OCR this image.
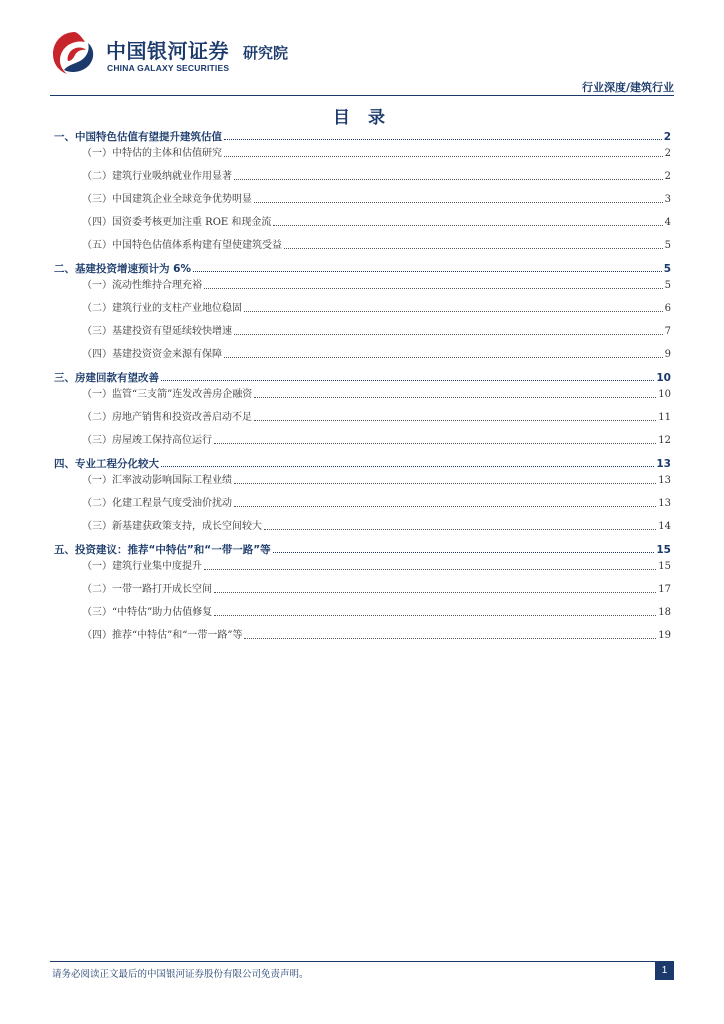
中国银河证券 研究院
CHINA GALAXY SECURITIES
行业深度/建筑行业
目 录
一、中国特色估值有望提升建筑估值	2
（一）中特估的主体和估值研究	2
（二）建筑行业吸纳就业作用显著	2
（三）中国建筑企业全球竞争优势明显	3
（四）国资委考核更加注重 ROE 和现金流	4
（五）中国特色估值体系构建有望使建筑受益	5
二、基建投资增速预计为 6%	5
（一）流动性维持合理充裕	5
（二）建筑行业的支柱产业地位稳固	6
（三）基建投资有望延续较快增速	7
（四）基建投资资金来源有保障	9
三、房建回款有望改善	10
（一）监管“三支箭”连发改善房企融资	10
（二）房地产销售和投资改善启动不足	11
（三）房屋竣工保持高位运行	12
四、专业工程分化较大	13
（一）汇率波动影响国际工程业绩	13
（二）化建工程景气度受油价扰动	13
（三）新基建获政策支持，成长空间较大	14
五、投资建议：推荐“中特估”和“一带一路”等	15
（一）建筑行业集中度提升	15
（二）一带一路打开成长空间	17
（三）“中特估”助力估值修复	18
（四）推荐“中特估”和“一带一路”等	19
请务必阅读正文最后的中国银河证券股份有限公司免责声明。	1
